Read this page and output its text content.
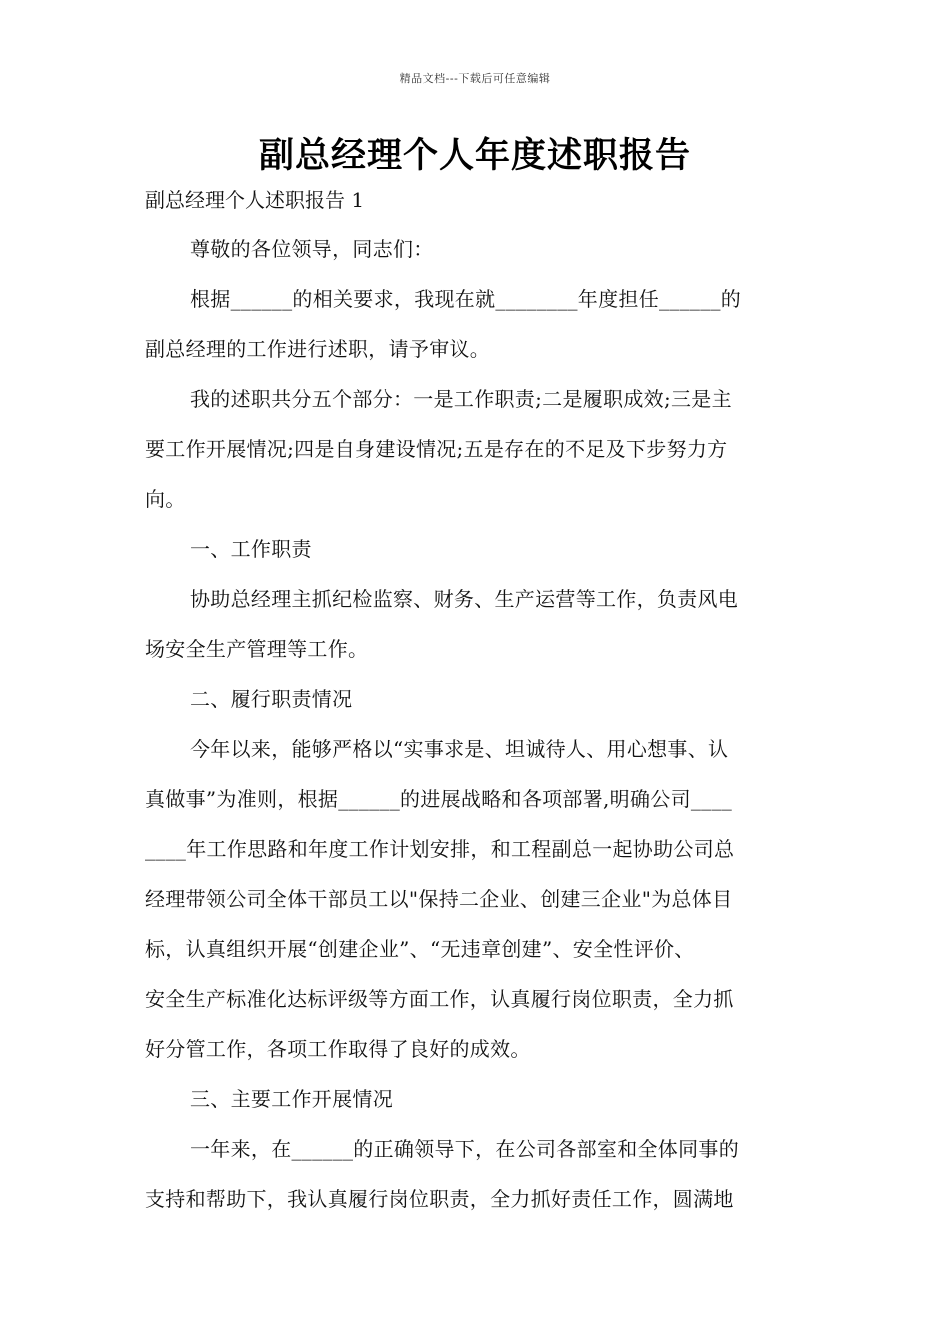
精品文档---下载后可任意编辑
副总经理个人年度述职报告
副总经理个人述职报告 1
尊敬的各位领导，同志们：
根据______的相关要求，我现在就________年度担任______的
副总经理的工作进行述职，请予审议。
我的述职共分五个部分：一是工作职责;二是履职成效;三是主
要工作开展情况;四是自身建设情况;五是存在的不足及下步努力方
向。
一、工作职责
协助总经理主抓纪检监察、财务、生产运营等工作，负责风电
场安全生产管理等工作。
二、履行职责情况
今年以来，能够严格以“实事求是、坦诚待人、用心想事、认
真做事”为准则，根据______的进展战略和各项部署,明确公司____
____年工作思路和年度工作计划安排，和工程副总一起协助公司总
经理带领公司全体干部员工以"保持二企业、创建三企业"为总体目
标，认真组织开展“创建企业”、“无违章创建”、安全性评价、
安全生产标准化达标评级等方面工作，认真履行岗位职责，全力抓
好分管工作，各项工作取得了良好的成效。
三、主要工作开展情况
一年来，在______的正确领导下，在公司各部室和全体同事的
支持和帮助下，我认真履行岗位职责，全力抓好责任工作，圆满地
